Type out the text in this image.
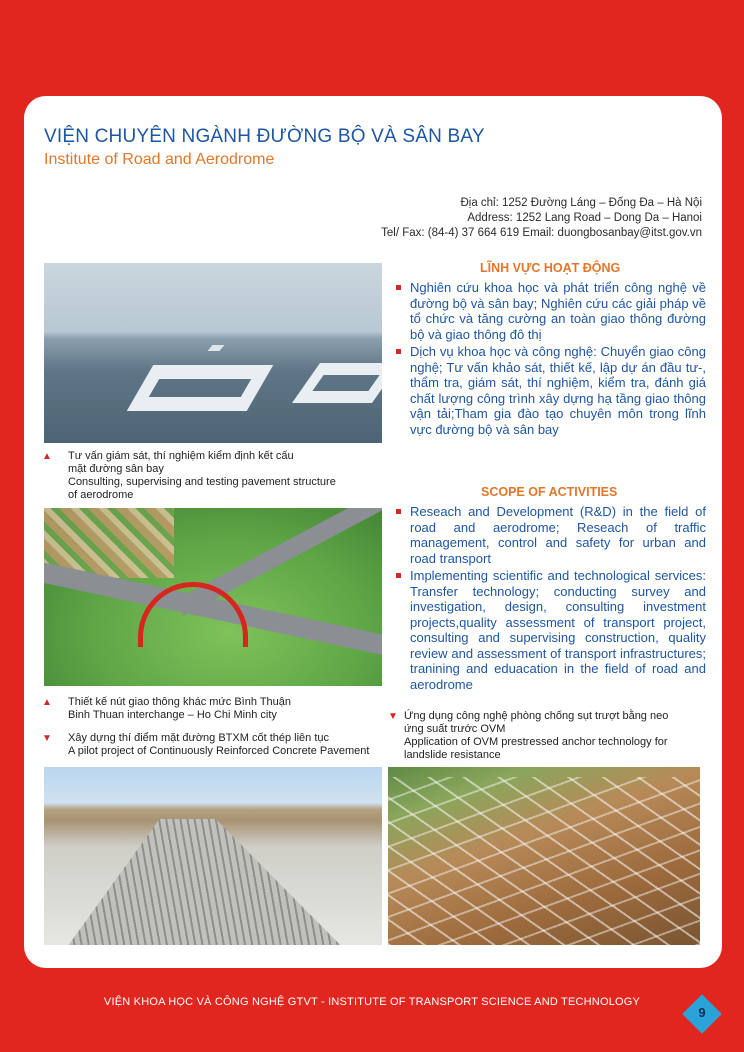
VIỆN CHUYÊN NGÀNH ĐƯỜNG BỘ VÀ SÂN BAY
Institute of Road and Aerodrome
Địa chỉ: 1252 Đường Láng – Đống Đa – Hà Nội
Address: 1252 Lang Road – Dong Da – Hanoi
Tel/ Fax: (84-4) 37 664 619 Email: duongbosanbay@itst.gov.vn
▲ Tư vấn giám sát, thí nghiệm kiểm định kết cấu
mặt đường sân bay
Consulting, supervising and testing pavement structure
of aerodrome
▲ Thiết kế nút giao thông khác mức Bình Thuận
Binh Thuan interchange – Ho Chi Minh city
▼ Xây dựng thí điểm mặt đường BTXM cốt thép liên tục
A pilot project of Continuously Reinforced Concrete Pavement
▼ Ứng dụng công nghệ phòng chống sụt trượt bằng neo
ứng suất trước OVM
Application of OVM prestressed anchor technology for
landslide resistance
LĨNH VỰC HOẠT ĐỘNG
Nghiên cứu khoa học và phát triển công nghệ về đường bộ và sân bay; Nghiên cứu các giải pháp về tổ chức và tăng cường an toàn giao thông đường bộ và giao thông đô thị
Dịch vụ khoa học và công nghệ: Chuyển giao công nghệ; Tư vấn khảo sát, thiết kế, lập dự án đầu tư-, thẩm tra, giám sát, thí nghiệm, kiểm tra, đánh giá chất lượng công trình xây dựng hạ tầng giao thông vận tải;Tham gia đào tạo chuyên môn trong lĩnh vực đường bộ và sân bay
SCOPE OF ACTIVITIES
Reseach and Development (R&D) in the field of road and aerodrome; Reseach of traffic management, control and safety for urban and road transport
Implementing scientific and technological services: Transfer technology; conducting survey and investigation, design, consulting investment projects,quality assessment of transport project, consulting and supervising construction, quality review and assessment of transport infrastructures; tranining and eduacation in the field of road and aerodrome
VIỆN KHOA HỌC VÀ CÔNG NGHỆ GTVT - INSTITUTE OF TRANSPORT SCIENCE AND TECHNOLOGY
9
